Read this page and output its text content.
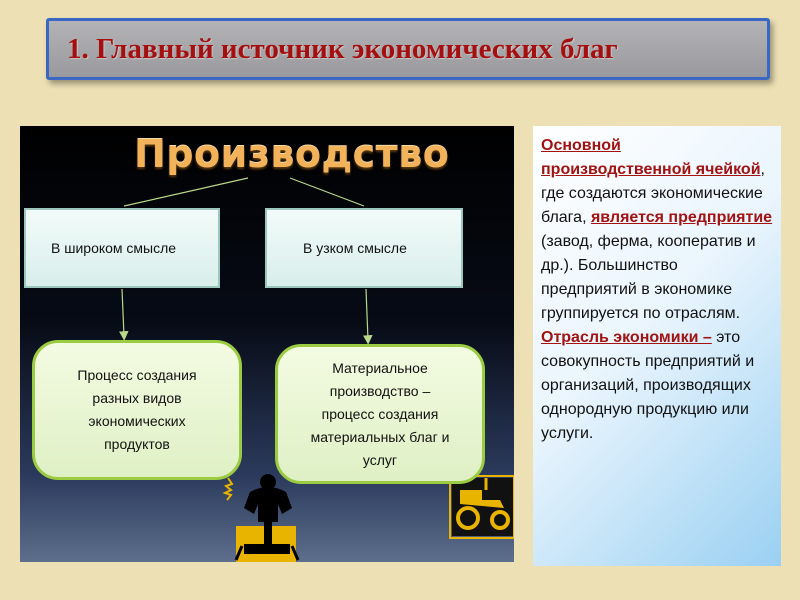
1. Главный источник экономических благ
Производство
В широком смысле	В узком смысле
Процесс создания
разных видов
экономических
продуктов
Материальное
производство –
процесс создания
материальных благ и
услуг
Основной производственной ячейкой, где создаются экономические блага, является предприятие (завод, ферма, кооператив и др.). Большинство предприятий в экономике группируется по отраслям. Отрасль экономики – это совокупность предприятий и организаций, производящих однородную продукцию или услуги.
